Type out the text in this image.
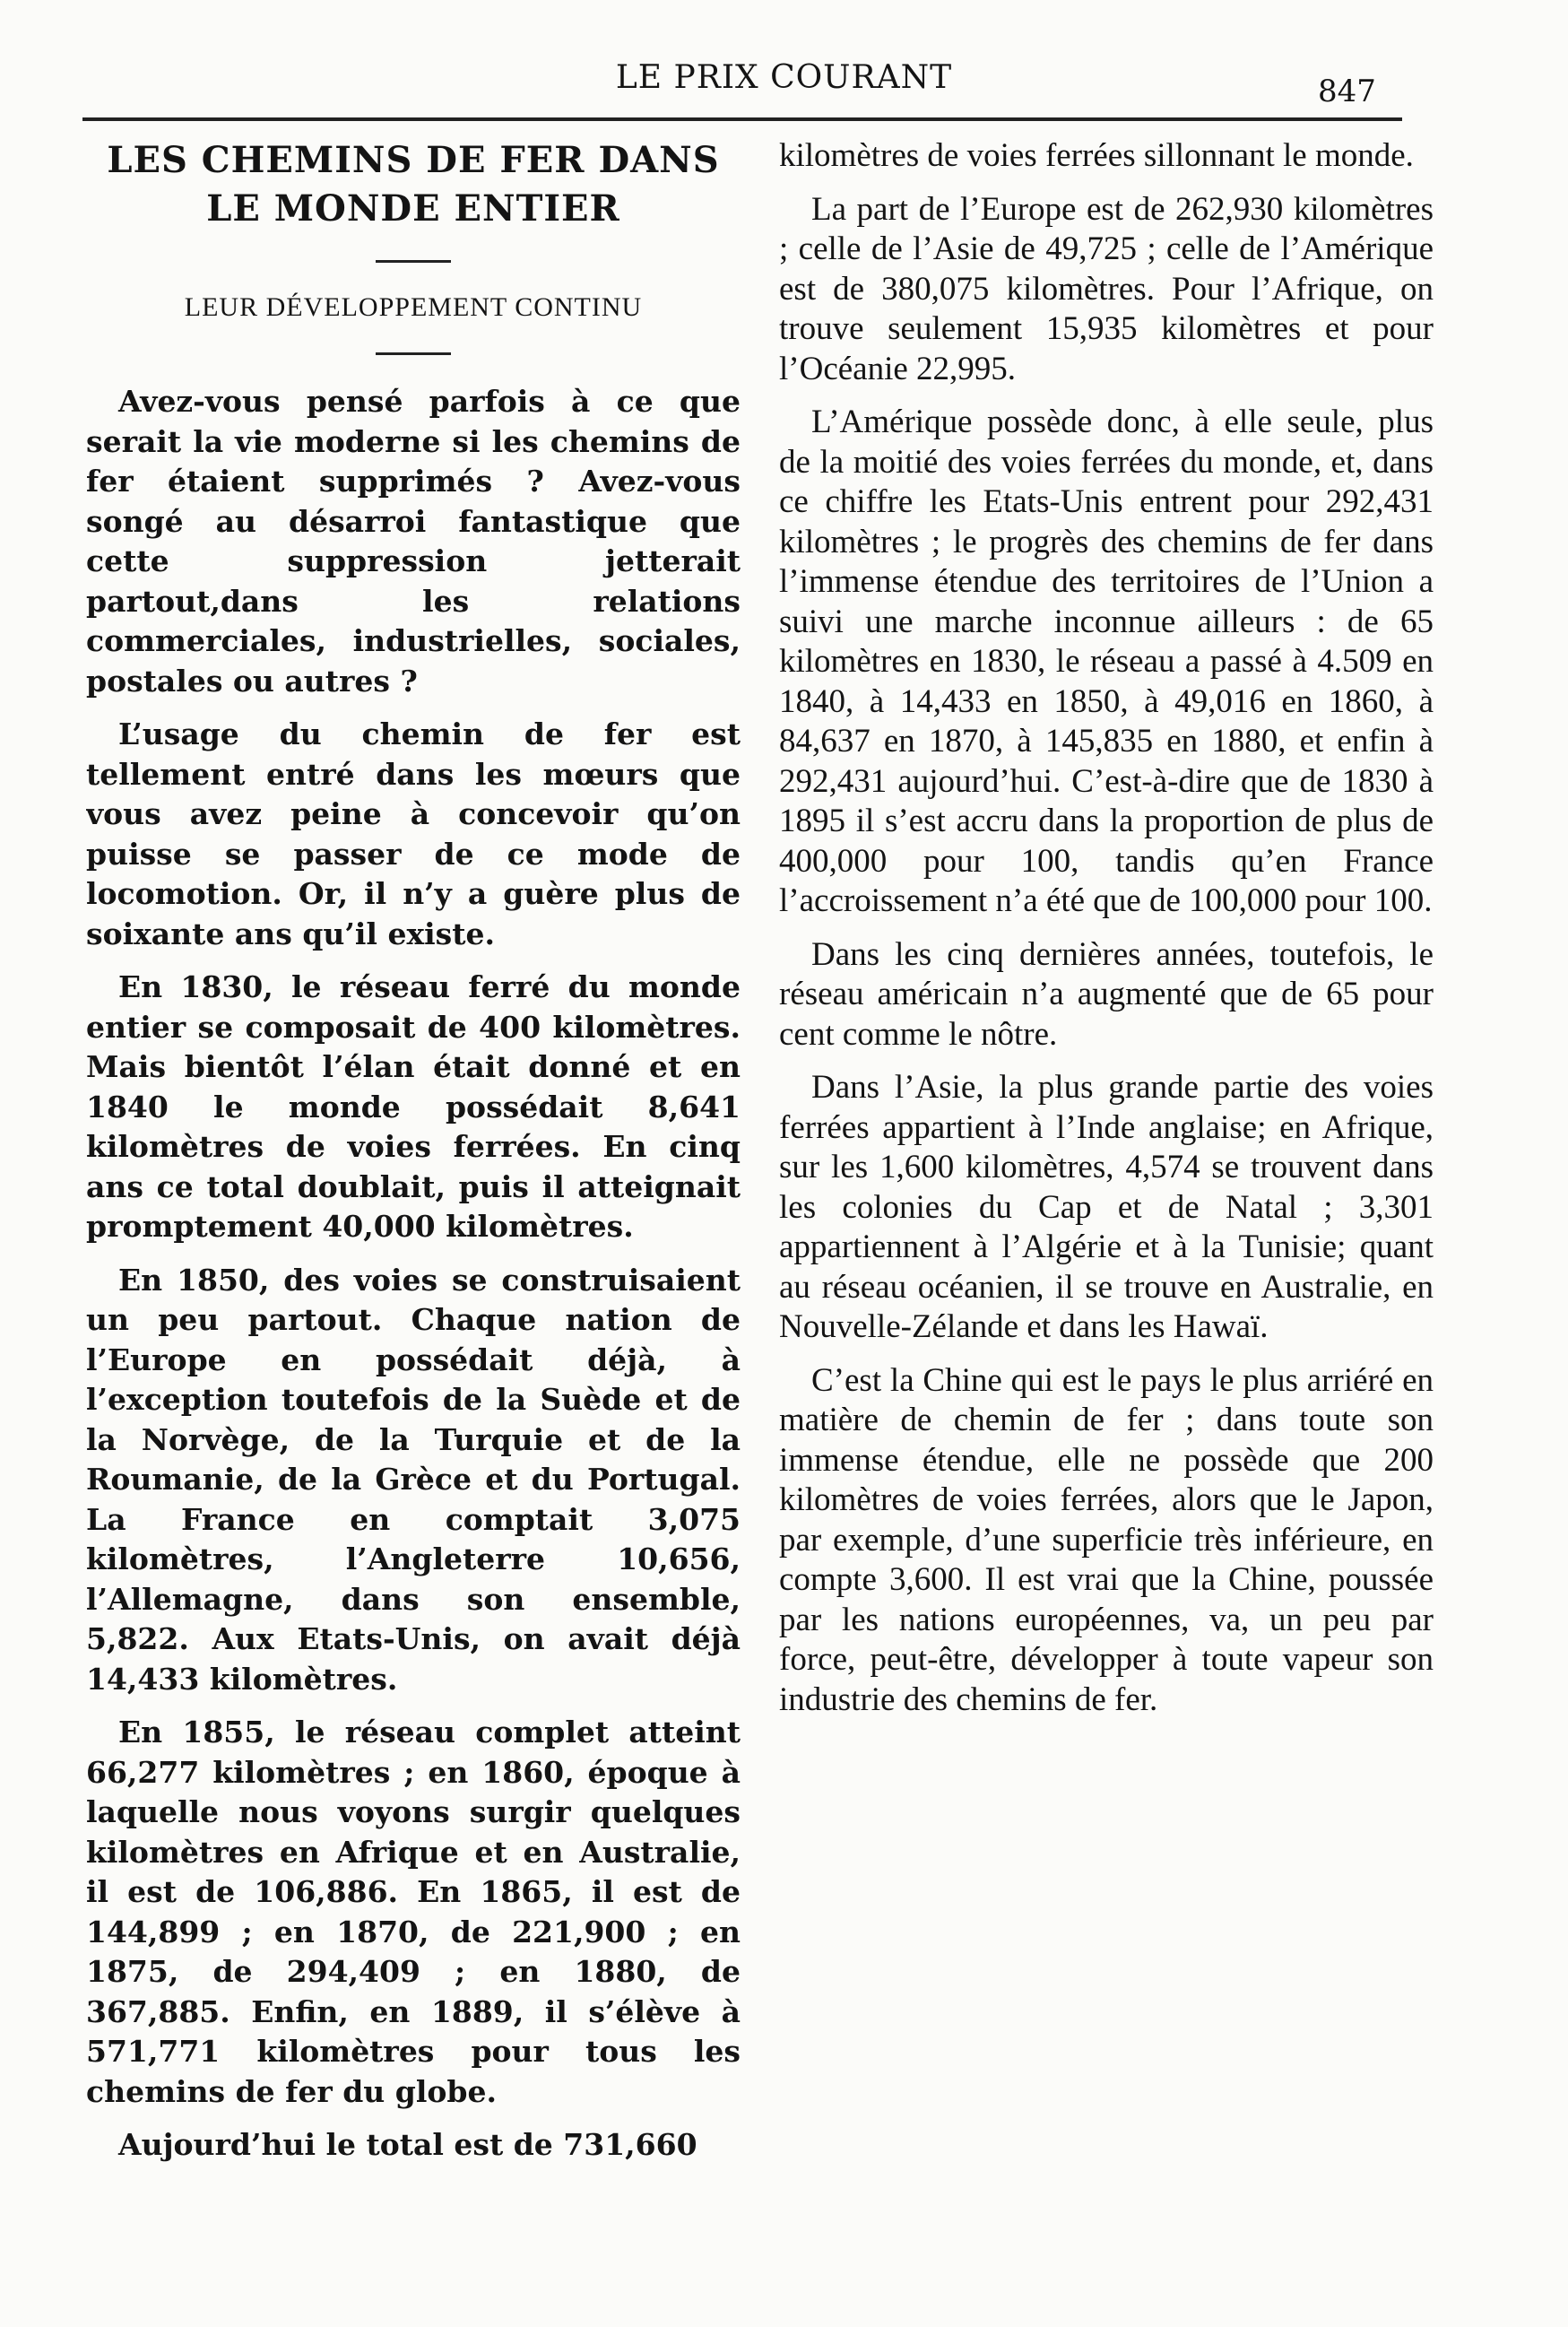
LE PRIX COURANT	847
LES CHEMINS DE FER DANS LE MONDE ENTIER

LEUR DÉVELOPPEMENT CONTINU

Avez-vous pensé parfois à ce que serait la vie moderne si les chemins de fer étaient supprimés ? Avez-vous songé au désarroi fantastique que cette suppression jetterait partout,dans les relations commerciales, industrielles, sociales, postales ou autres ?

L’usage du chemin de fer est tellement entré dans les mœurs que vous avez peine à concevoir qu’on puisse se passer de ce mode de locomotion. Or, il n’y a guère plus de soixante ans qu’il existe.

En 1830, le réseau ferré du monde entier se composait de 400 kilomètres. Mais bientôt l’élan était donné et en 1840 le monde possédait 8,641 kilomètres de voies ferrées. En cinq ans ce total doublait, puis il atteignait promptement 40,000 kilomètres.

En 1850, des voies se construisaient un peu partout. Chaque nation de l’Europe en possédait déjà, à l’exception toutefois de la Suède et de la Norvège, de la Turquie et de la Roumanie, de la Grèce et du Portugal. La France en comptait 3,075 kilomètres, l’Angleterre 10,656, l’Allemagne, dans son ensemble, 5,822. Aux Etats-Unis, on avait déjà 14,433 kilomètres.

En 1855, le réseau complet atteint 66,277 kilomètres ; en 1860, époque à laquelle nous voyons surgir quelques kilomètres en Afrique et en Australie, il est de 106,886. En 1865, il est de 144,899 ; en 1870, de 221,900 ; en 1875, de 294,409 ; en 1880, de 367,885. Enfin, en 1889, il s’élève à 571,771 kilomètres pour tous les chemins de fer du globe.

Aujourd’hui le total est de 731,660

kilomètres de voies ferrées sillonnant le monde.

La part de l’Europe est de 262,930 kilomètres ; celle de l’Asie de 49,725 ; celle de l’Amérique est de 380,075 kilomètres. Pour l’Afrique, on trouve seulement 15,935 kilomètres et pour l’Océanie 22,995.

L’Amérique possède donc, à elle seule, plus de la moitié des voies ferrées du monde, et, dans ce chiffre les Etats-Unis entrent pour 292,431 kilomètres ; le progrès des chemins de fer dans l’immense étendue des territoires de l’Union a suivi une marche inconnue ailleurs : de 65 kilomètres en 1830, le réseau a passé à 4.509 en 1840, à 14,433 en 1850, à 49,016 en 1860, à 84,637 en 1870, à 145,835 en 1880, et enfin à 292,431 aujourd’hui. C’est-à-dire que de 1830 à 1895 il s’est accru dans la proportion de plus de 400,000 pour 100, tandis qu’en France l’accroissement n’a été que de 100,000 pour 100.

Dans les cinq dernières années, toutefois, le réseau américain n’a augmenté que de 65 pour cent comme le nôtre.

Dans l’Asie, la plus grande partie des voies ferrées appartient à l’Inde anglaise; en Afrique, sur les 1,600 kilomètres, 4,574 se trouvent dans les colonies du Cap et de Natal ; 3,301 appartiennent à l’Algérie et à la Tunisie; quant au réseau océanien, il se trouve en Australie, en Nouvelle-Zélande et dans les Hawaï.

C’est la Chine qui est le pays le plus arriéré en matière de chemin de fer ; dans toute son immense étendue, elle ne possède que 200 kilomètres de voies ferrées, alors que le Japon, par exemple, d’une superficie très inférieure, en compte 3,600. Il est vrai que la Chine, poussée par les nations européennes, va, un peu par force, peut-être, développer à toute vapeur son industrie des chemins de fer.
